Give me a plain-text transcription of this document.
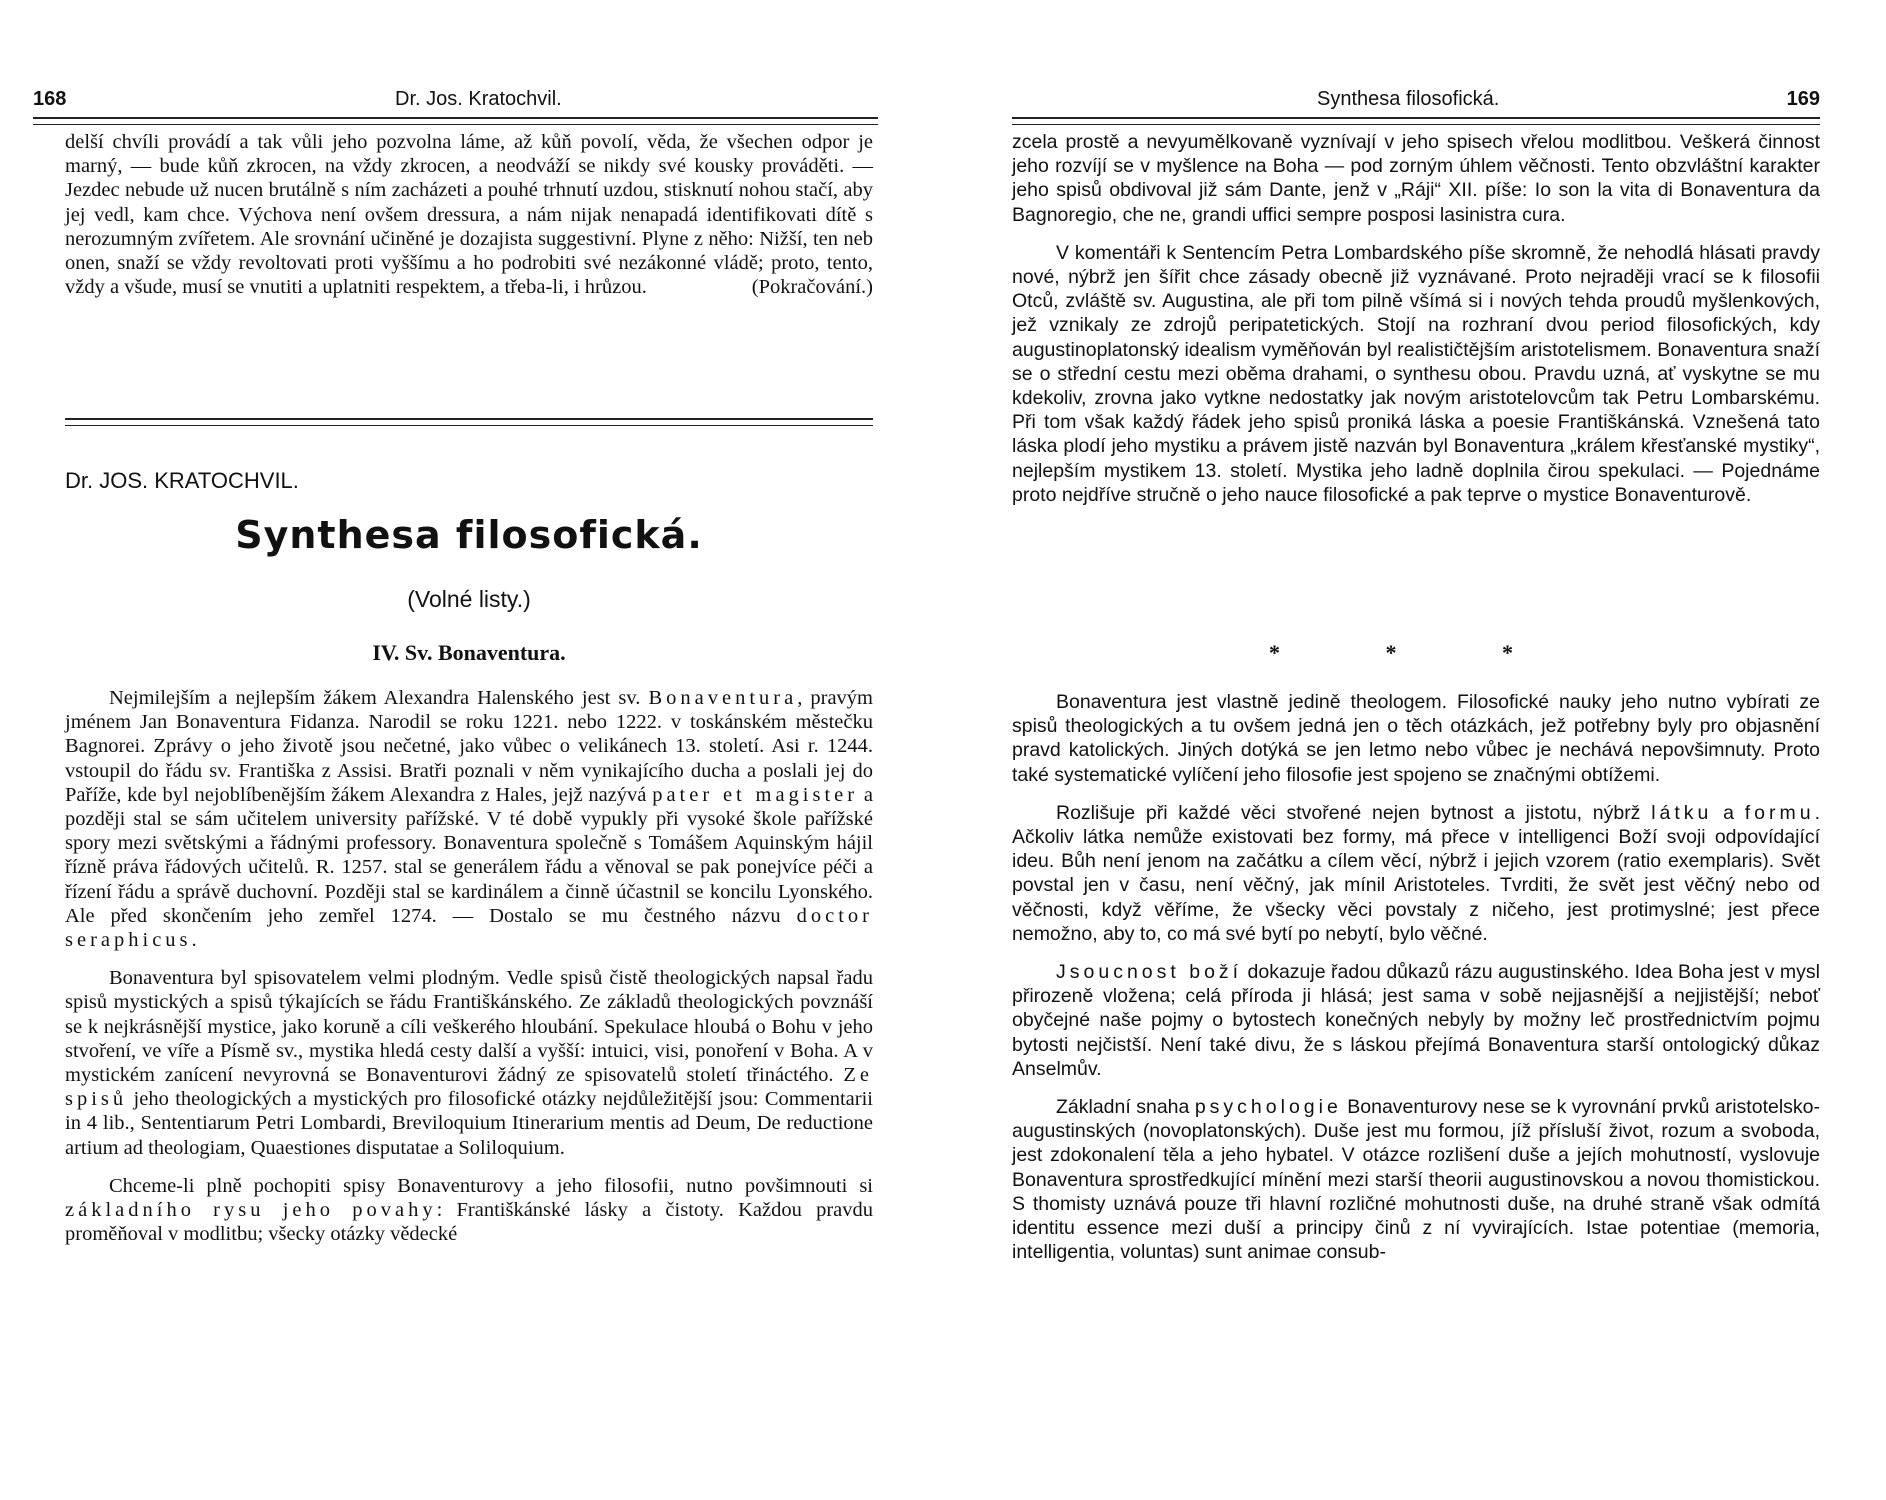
168	Dr. Jos. Kratochvil.

delší chvíli provádí a tak vůli jeho pozvolna láme, až kůň povolí, věda, že všechen odpor je marný, — bude kůň zkrocen, na vždy zkrocen, a neodváží se nikdy své kousky prováděti. — Jezdec nebude už nucen brutálně s ním zacházeti a pouhé trhnutí uzdou, stisknutí nohou stačí, aby jej vedl, kam chce. Výchova není ovšem dressura, a nám nijak nenapadá identifikovati dítě s nerozumným zvířetem. Ale srovnání učiněné je dozajista suggestivní. Plyne z něho: Nižší, ten neb onen, snaží se vždy revoltovati proti vyššímu a ho podrobiti své nezákonné vládě; proto, tento, vždy a všude, musí se vnutiti a uplatniti respektem, a třeba-li, i hrůzou.	(Pokračování.)

Dr. JOS. KRATOCHVIL.
Synthesa filosofická.
(Volné listy.)
IV. Sv. Bonaventura.

Nejmilejším a nejlepším žákem Alexandra Halenského jest sv. Bonaventura, pravým jménem Jan Bonaventura Fidanza. Narodil se roku 1221. nebo 1222. v toskánském městečku Bagnorei. Zprávy o jeho životě jsou nečetné, jako vůbec o velikánech 13. století. Asi r. 1244. vstoupil do řádu sv. Františka z Assisi. Bratři poznali v něm vynikajícího ducha a poslali jej do Paříže, kde byl nejoblíbenějším žákem Alexandra z Hales, jejž nazývá pater et magister a později stal se sám učitelem university pařížské. V té době vypukly při vysoké škole pařížské spory mezi světskými a řádnými professory. Bonaventura společně s Tomášem Aquinským hájil řízně práva řádových učitelů. R. 1257. stal se generálem řádu a věnoval se pak ponejvíce péči a řízení řádu a správě duchovní. Později stal se kardinálem a činně účastnil se koncilu Lyonského. Ale před skončením jeho zemřel 1274. — Dostalo se mu čestného názvu doctor seraphicus.

Bonaventura byl spisovatelem velmi plodným. Vedle spisů čistě theologických napsal řadu spisů mystických a spisů týkajících se řádu Františkánského. Ze základů theologických povznáší se k nejkrásnější mystice, jako koruně a cíli veškerého hloubání. Spekulace hloubá o Bohu v jeho stvoření, ve víře a Písmě sv., mystika hledá cesty další a vyšší: intuici, visi, ponoření v Boha. A v mystickém zanícení nevyrovná se Bonaventurovi žádný ze spisovatelů století třináctého. Ze spisů jeho theologických a mystických pro filosofické otázky nejdůležitější jsou: Commentarii in 4 lib., Sententiarum Petri Lombardi, Breviloquium Itinerarium mentis ad Deum, De reductione artium ad theologiam, Quaestiones disputatae a Soliloquium.

Chceme-li plně pochopiti spisy Bonaventurovy a jeho filosofii, nutno povšimnouti si základního rysu jeho povahy: Františkánské lásky a čistoty. Každou pravdu proměňoval v modlitbu; všecky otázky vědecké

Synthesa filosofická.	169

zcela prostě a nevyumělkovaně vyznívají v jeho spisech vřelou modlitbou. Veškerá činnost jeho rozvíjí se v myšlence na Boha — pod zorným úhlem věčnosti. Tento obzvláštní karakter jeho spisů obdivoval již sám Dante, jenž v „Ráji“ XII. píše: Io son la vita di Bonaventura da Bagnoregio, che ne, grandi uffici sempre posposi lasinistra cura.

V komentáři k Sentencím Petra Lombardského píše skromně, že nehodlá hlásati pravdy nové, nýbrž jen šířit chce zásady obecně již vyznávané. Proto nejraději vrací se k filosofii Otců, zvláště sv. Augustina, ale při tom pilně všímá si i nových tehda proudů myšlenkových, jež vznikaly ze zdrojů peripatetických. Stojí na rozhraní dvou period filosofických, kdy augustinoplatonský idealism vyměňován byl realističtějším aristotelismem. Bonaventura snaží se o střední cestu mezi oběma drahami, o synthesu obou. Pravdu uzná, ať vyskytne se mu kdekoliv, zrovna jako vytkne nedostatky jak novým aristotelovcům tak Petru Lombarskému. Při tom však každý řádek jeho spisů proniká láska a poesie Františkánská. Vznešená tato láska plodí jeho mystiku a právem jistě nazván byl Bonaventura „králem křesťanské mystiky“, nejlepším mystikem 13. století. Mystika jeho ladně doplnila čirou spekulaci. — Pojednáme proto nejdříve stručně o jeho nauce filosofické a pak teprve o mystice Bonaventurově.

* * *

Bonaventura jest vlastně jedině theologem. Filosofické nauky jeho nutno vybírati ze spisů theologických a tu ovšem jedná jen o těch otázkách, jež potřebny byly pro objasnění pravd katolických. Jiných dotýká se jen letmo nebo vůbec je nechává nepovšimnuty. Proto také systematické vylíčení jeho filosofie jest spojeno se značnými obtížemi.

Rozlišuje při každé věci stvořené nejen bytnost a jistotu, nýbrž látku a formu. Ačkoliv látka nemůže existovati bez formy, má přece v intelligenci Boží svoji odpovídající ideu. Bůh není jenom na začátku a cílem věcí, nýbrž i jejich vzorem (ratio exemplaris). Svět povstal jen v času, není věčný, jak mínil Aristoteles. Tvrditi, že svět jest věčný nebo od věčnosti, když věříme, že všecky věci povstaly z ničeho, jest protimyslné; jest přece nemožno, aby to, co má své bytí po nebytí, bylo věčné.

Jsoucnost boží dokazuje řadou důkazů rázu augustinského. Idea Boha jest v mysl přirozeně vložena; celá příroda ji hlásá; jest sama v sobě nejjasnější a nejjistější; neboť obyčejné naše pojmy o bytostech konečných nebyly by možny leč prostřednictvím pojmu bytosti nejčistší. Není také divu, že s láskou přejímá Bonaventura starší ontologický důkaz Anselmův.

Základní snaha psychologie Bonaventurovy nese se k vyrovnání prvků aristotelsko-augustinských (novoplatonských). Duše jest mu formou, jíž přísluší život, rozum a svoboda, jest zdokonalení těla a jeho hybatel. V otázce rozlišení duše a jejích mohutností, vyslovuje Bonaventura sprostředkující mínění mezi starší theorii augustinovskou a novou thomistickou. S thomisty uznává pouze tři hlavní rozličné mohutnosti duše, na druhé straně však odmítá identitu essence mezi duší a principy činů z ní vyvirajících. Istae potentiae (memoria, intelligentia, voluntas) sunt animae consub-
